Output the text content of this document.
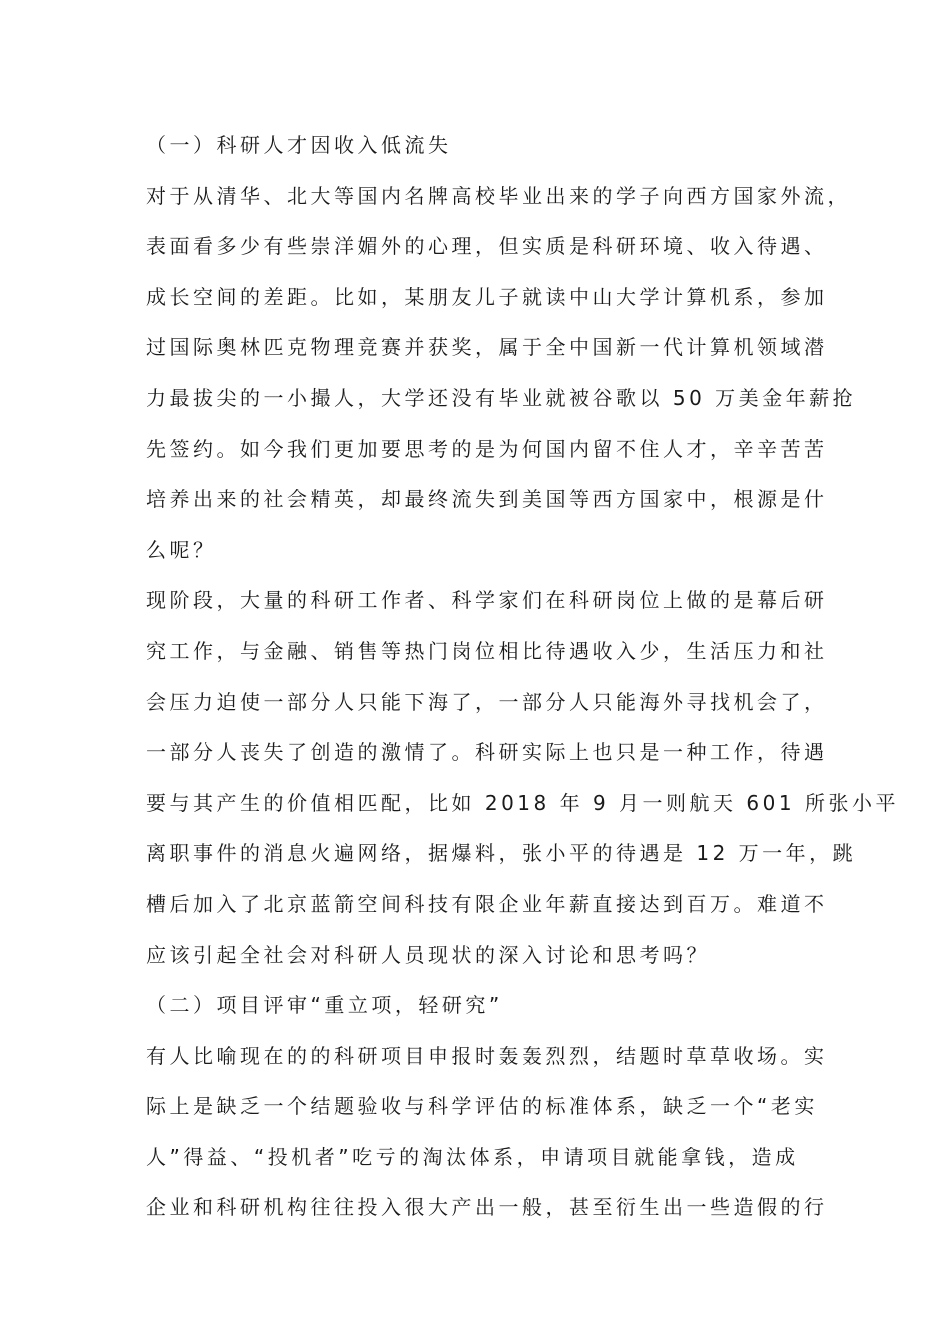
（一）科研人才因收入低流失
对于从清华、北大等国内名牌高校毕业出来的学子向西方国家外流，
表面看多少有些崇洋媚外的心理，但实质是科研环境、收入待遇、
成长空间的差距。比如，某朋友儿子就读中山大学计算机系，参加
过国际奥林匹克物理竞赛并获奖，属于全中国新一代计算机领域潜
力最拔尖的一小撮人，大学还没有毕业就被谷歌以 50 万美金年薪抢
先签约。如今我们更加要思考的是为何国内留不住人才，辛辛苦苦
培养出来的社会精英，却最终流失到美国等西方国家中，根源是什
么呢？
现阶段，大量的科研工作者、科学家们在科研岗位上做的是幕后研
究工作，与金融、销售等热门岗位相比待遇收入少，生活压力和社
会压力迫使一部分人只能下海了，一部分人只能海外寻找机会了，
一部分人丧失了创造的激情了。科研实际上也只是一种工作，待遇
要与其产生的价值相匹配，比如 2018 年 9 月一则航天 601 所张小平
离职事件的消息火遍网络，据爆料，张小平的待遇是 12 万一年，跳
槽后加入了北京蓝箭空间科技有限企业年薪直接达到百万。难道不
应该引起全社会对科研人员现状的深入讨论和思考吗？
（二）项目评审“重立项，轻研究”
有人比喻现在的的科研项目申报时轰轰烈烈，结题时草草收场。实
际上是缺乏一个结题验收与科学评估的标准体系，缺乏一个“老实
人”得益、“投机者”吃亏的淘汰体系，申请项目就能拿钱，造成
企业和科研机构往往投入很大产出一般，甚至衍生出一些造假的行
